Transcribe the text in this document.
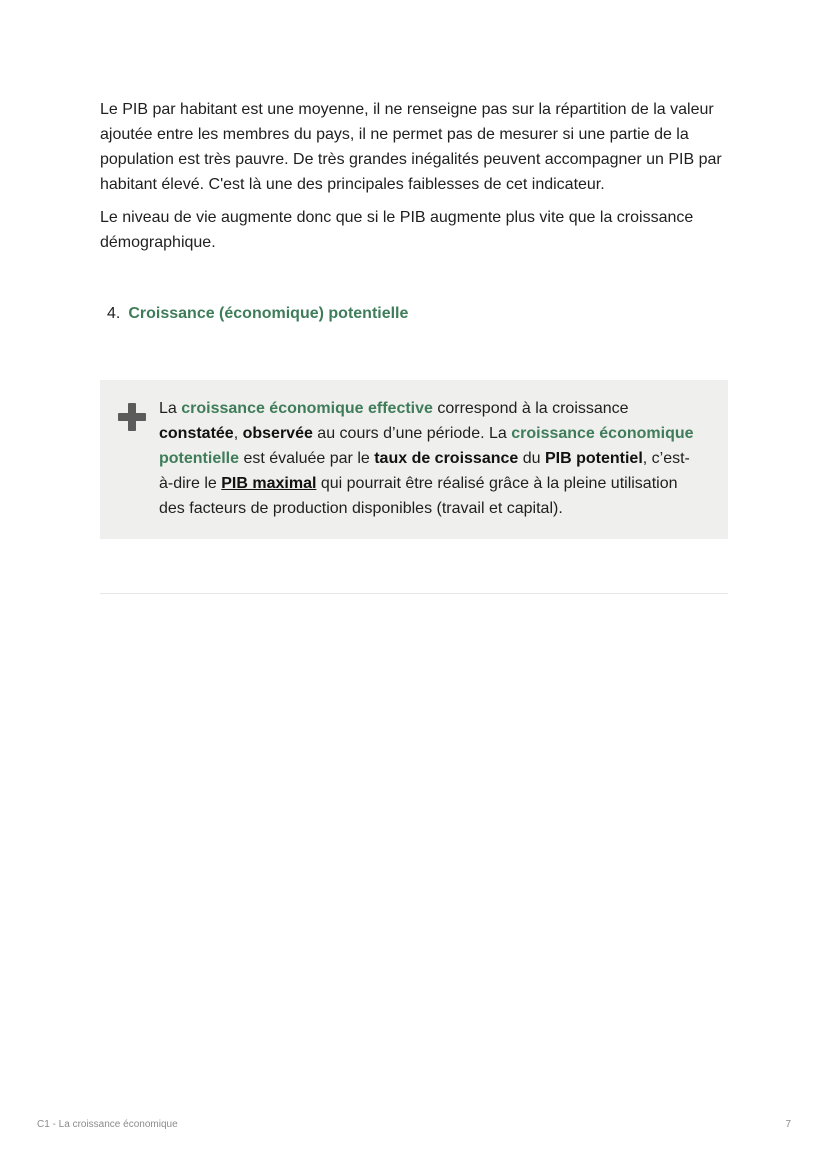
Le PIB par habitant est une moyenne, il ne renseigne pas sur la répartition de la valeur ajoutée entre les membres du pays, il ne permet pas de mesurer si une partie de la population est très pauvre. De très grandes inégalités peuvent accompagner un PIB par habitant élevé. C'est là une des principales faiblesses de cet indicateur.

Le niveau de vie augmente donc que si le PIB augmente plus vite que la croissance démographique.

4. Croissance (économique) potentielle
La croissance économique effective correspond à la croissance constatée, observée au cours d’une période. La croissance économique potentielle est évaluée par le taux de croissance du PIB potentiel, c’est-à-dire le PIB maximal qui pourrait être réalisé grâce à la pleine utilisation des facteurs de production disponibles (travail et capital).
C1 - La croissance économique	7
